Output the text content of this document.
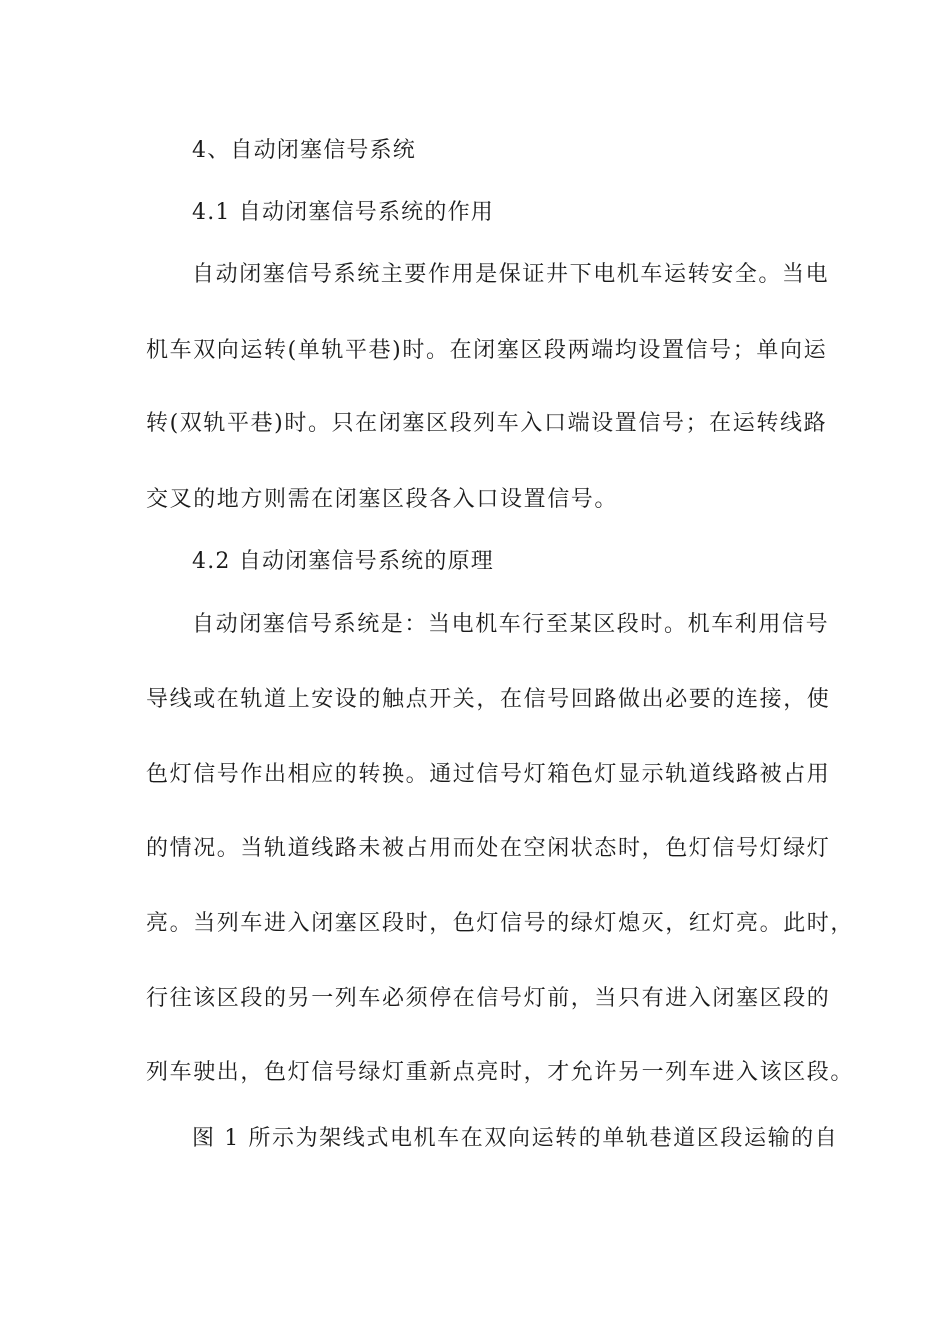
4、自动闭塞信号系统
4.1 自动闭塞信号系统的作用
自动闭塞信号系统主要作用是保证井下电机车运转安全。当电
机车双向运转(单轨平巷)时。在闭塞区段两端均设置信号；单向运
转(双轨平巷)时。只在闭塞区段列车入口端设置信号；在运转线路
交叉的地方则需在闭塞区段各入口设置信号。
4.2 自动闭塞信号系统的原理
自动闭塞信号系统是：当电机车行至某区段时。机车利用信号
导线或在轨道上安设的触点开关，在信号回路做出必要的连接，使
色灯信号作出相应的转换。通过信号灯箱色灯显示轨道线路被占用
的情况。当轨道线路未被占用而处在空闲状态时，色灯信号灯绿灯
亮。当列车进入闭塞区段时，色灯信号的绿灯熄灭，红灯亮。此时，
行往该区段的另一列车必须停在信号灯前，当只有进入闭塞区段的
列车驶出，色灯信号绿灯重新点亮时，才允许另一列车进入该区段。
图 1 所示为架线式电机车在双向运转的单轨巷道区段运输的自
